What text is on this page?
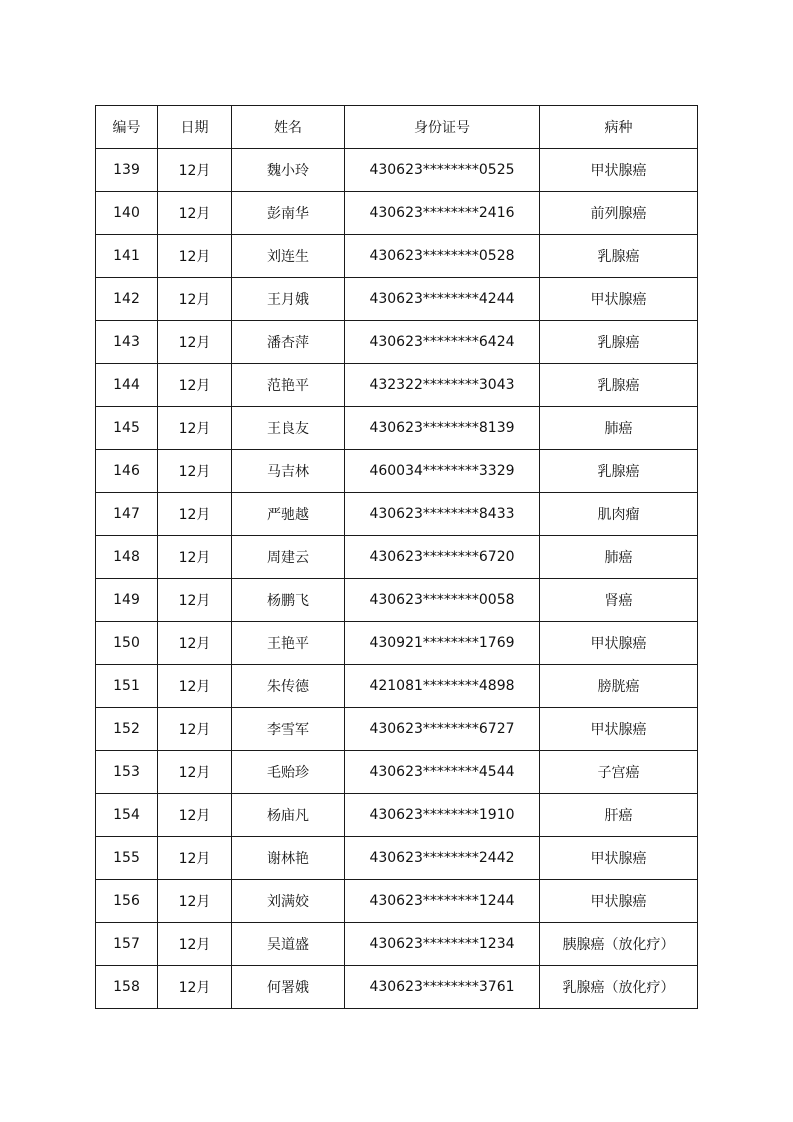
编号	日期	姓名	身份证号	病种
139	12月	魏小玲	430623********0525	甲状腺癌
140	12月	彭南华	430623********2416	前列腺癌
141	12月	刘连生	430623********0528	乳腺癌
142	12月	王月娥	430623********4244	甲状腺癌
143	12月	潘杏萍	430623********6424	乳腺癌
144	12月	范艳平	432322********3043	乳腺癌
145	12月	王良友	430623********8139	肺癌
146	12月	马吉林	460034********3329	乳腺癌
147	12月	严驰越	430623********8433	肌肉瘤
148	12月	周建云	430623********6720	肺癌
149	12月	杨鹏飞	430623********0058	肾癌
150	12月	王艳平	430921********1769	甲状腺癌
151	12月	朱传德	421081********4898	膀胱癌
152	12月	李雪军	430623********6727	甲状腺癌
153	12月	毛贻珍	430623********4544	子宫癌
154	12月	杨庙凡	430623********1910	肝癌
155	12月	谢林艳	430623********2442	甲状腺癌
156	12月	刘满姣	430623********1244	甲状腺癌
157	12月	吴道盛	430623********1234	胰腺癌（放化疗）
158	12月	何署娥	430623********3761	乳腺癌（放化疗）
